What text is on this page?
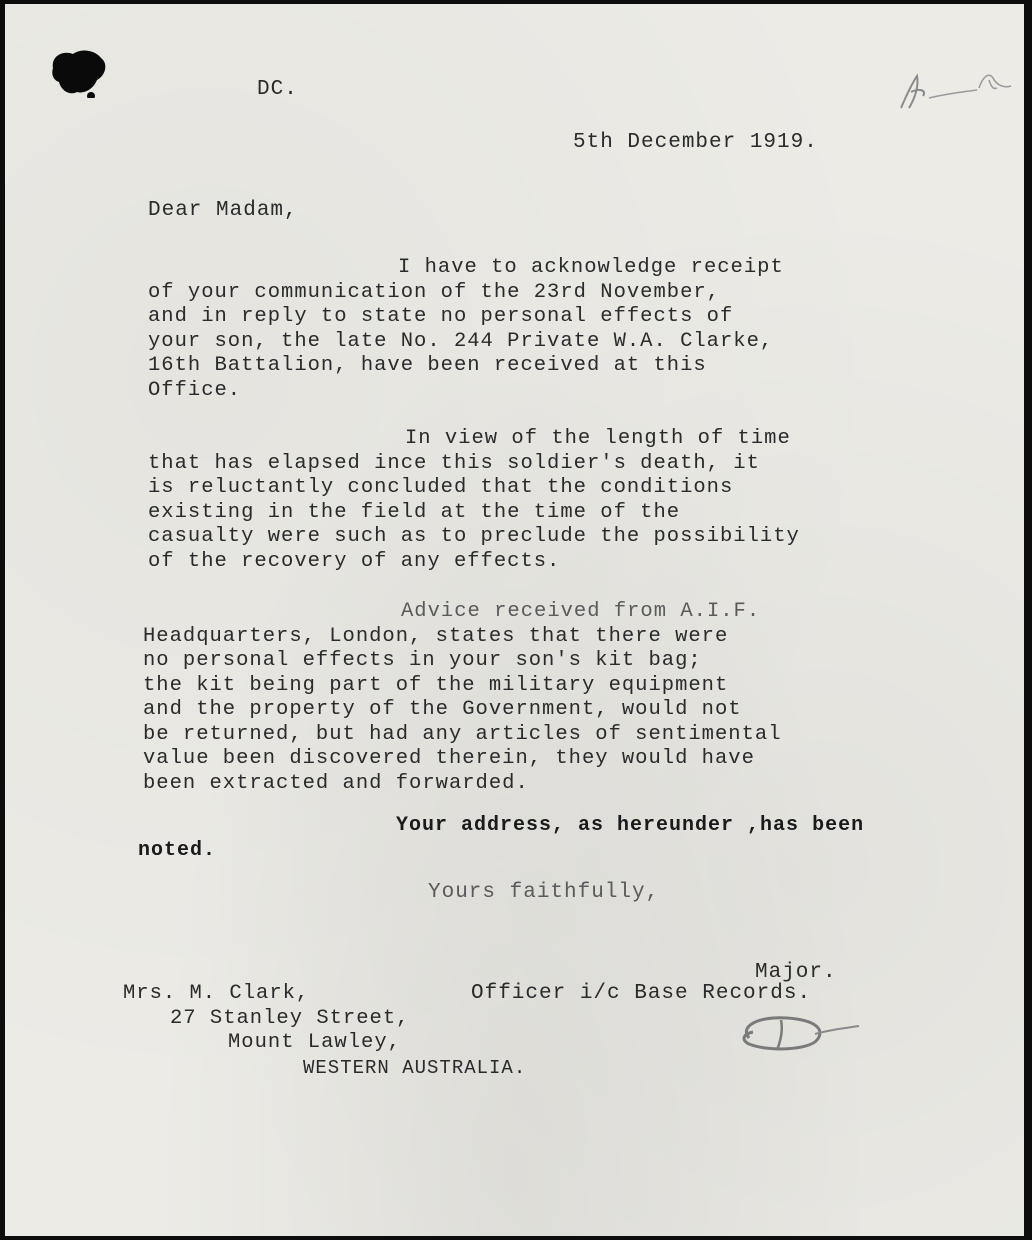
DC.

5th December 1919.

Dear Madam,

I have to acknowledge receipt
of your communication of the 23rd November,
and in reply to state no personal effects of
your son, the late No. 244 Private W.A. Clarke,
16th Battalion, have been received at this
Office.
In view of the length of time
that has elapsed ince this soldier's death, it
is reluctantly concluded that the conditions
existing in the field at the time of the
casualty were such as to preclude the possibility
of the recovery of any effects.
Advice received from A.I.F.
Headquarters, London, states that there were
no personal effects in your son's kit bag;
the kit being part of the military equipment
and the property of the Government, would not
be returned, but had any articles of sentimental
value been discovered therein, they would have
been extracted and forwarded.
Your address, as hereunder ,has been
noted.

Yours faithfully,

Major.

Officer i/c Base Records.

Mrs. M. Clark,
27 Stanley Street,
Mount Lawley,
WESTERN AUSTRALIA.
